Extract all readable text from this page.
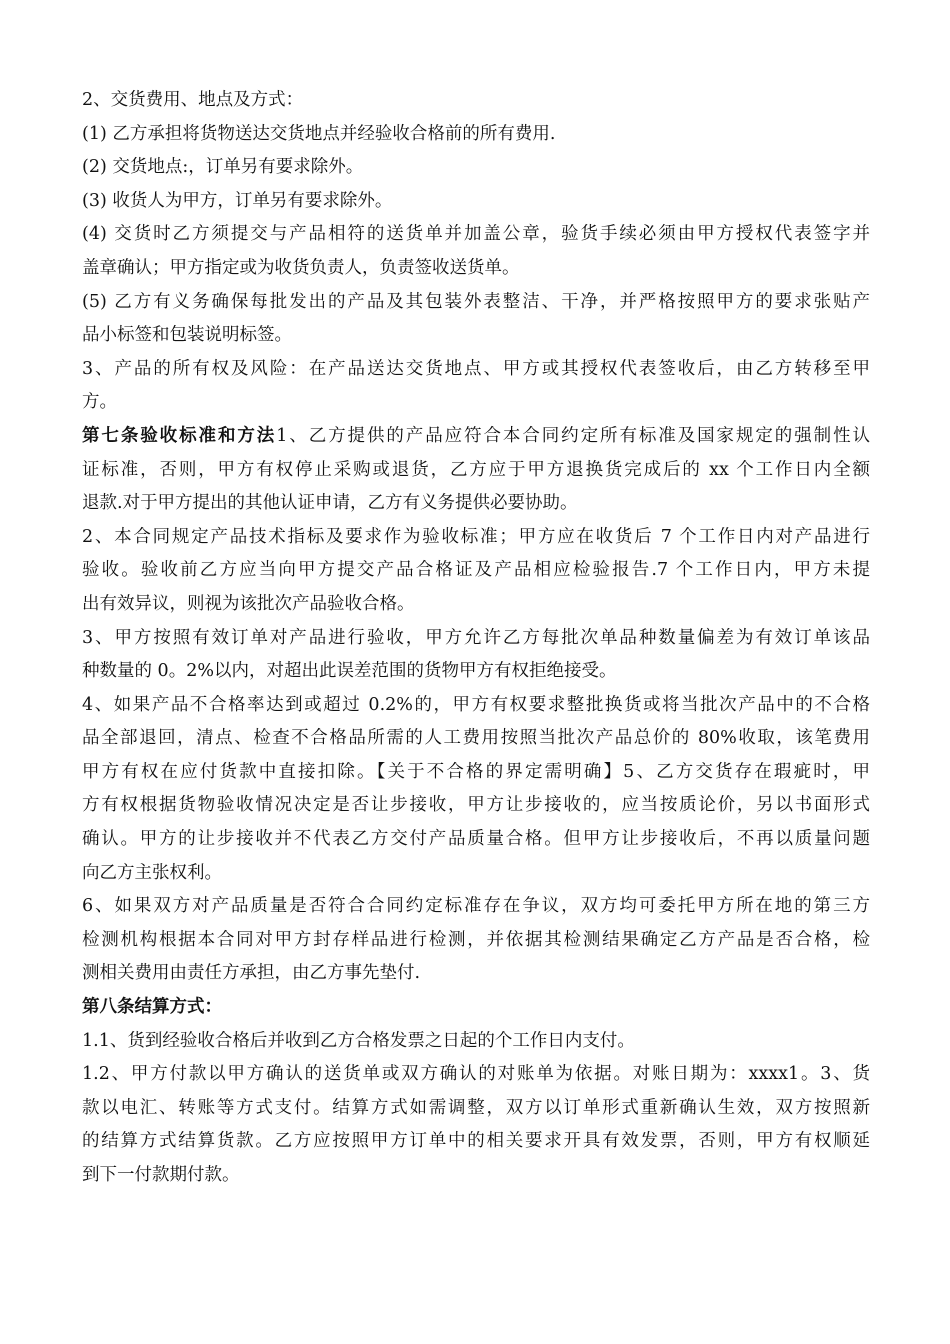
2、交货费用、地点及方式：
(1) 乙方承担将货物送达交货地点并经验收合格前的所有费用.
(2) 交货地点:，订单另有要求除外。
(3) 收货人为甲方，订单另有要求除外。
(4) 交货时乙方须提交与产品相符的送货单并加盖公章，验货手续必须由甲方授权代表签字并
盖章确认；甲方指定或为收货负责人，负责签收送货单。
(5) 乙方有义务确保每批发出的产品及其包装外表整洁、干净，并严格按照甲方的要求张贴产
品小标签和包装说明标签。
3、产品的所有权及风险：在产品送达交货地点、甲方或其授权代表签收后，由乙方转移至甲
方。
第七条验收标准和方法1、乙方提供的产品应符合本合同约定所有标准及国家规定的强制性认
证标准，否则，甲方有权停止采购或退货，乙方应于甲方退换货完成后的 xx 个工作日内全额
退款.对于甲方提出的其他认证申请，乙方有义务提供必要协助。
2、本合同规定产品技术指标及要求作为验收标准；甲方应在收货后 7 个工作日内对产品进行
验收。验收前乙方应当向甲方提交产品合格证及产品相应检验报告.7 个工作日内，甲方未提
出有效异议，则视为该批次产品验收合格。
3、甲方按照有效订单对产品进行验收，甲方允许乙方每批次单品种数量偏差为有效订单该品
种数量的 0。2%以内，对超出此误差范围的货物甲方有权拒绝接受。
4、如果产品不合格率达到或超过 0.2%的，甲方有权要求整批换货或将当批次产品中的不合格
品全部退回，清点、检查不合格品所需的人工费用按照当批次产品总价的 80%收取，该笔费用
甲方有权在应付货款中直接扣除。【关于不合格的界定需明确】5、乙方交货存在瑕疵时，甲
方有权根据货物验收情况决定是否让步接收，甲方让步接收的，应当按质论价，另以书面形式
确认。甲方的让步接收并不代表乙方交付产品质量合格。但甲方让步接收后，不再以质量问题
向乙方主张权利。
6、如果双方对产品质量是否符合合同约定标准存在争议，双方均可委托甲方所在地的第三方
检测机构根据本合同对甲方封存样品进行检测，并依据其检测结果确定乙方产品是否合格，检
测相关费用由责任方承担，由乙方事先垫付.
第八条结算方式：
1.1、货到经验收合格后并收到乙方合格发票之日起的个工作日内支付。
1.2、甲方付款以甲方确认的送货单或双方确认的对账单为依据。对账日期为：xxxx1。3、货
款以电汇、转账等方式支付。结算方式如需调整，双方以订单形式重新确认生效，双方按照新
的结算方式结算货款。乙方应按照甲方订单中的相关要求开具有效发票，否则，甲方有权顺延
到下一付款期付款。
